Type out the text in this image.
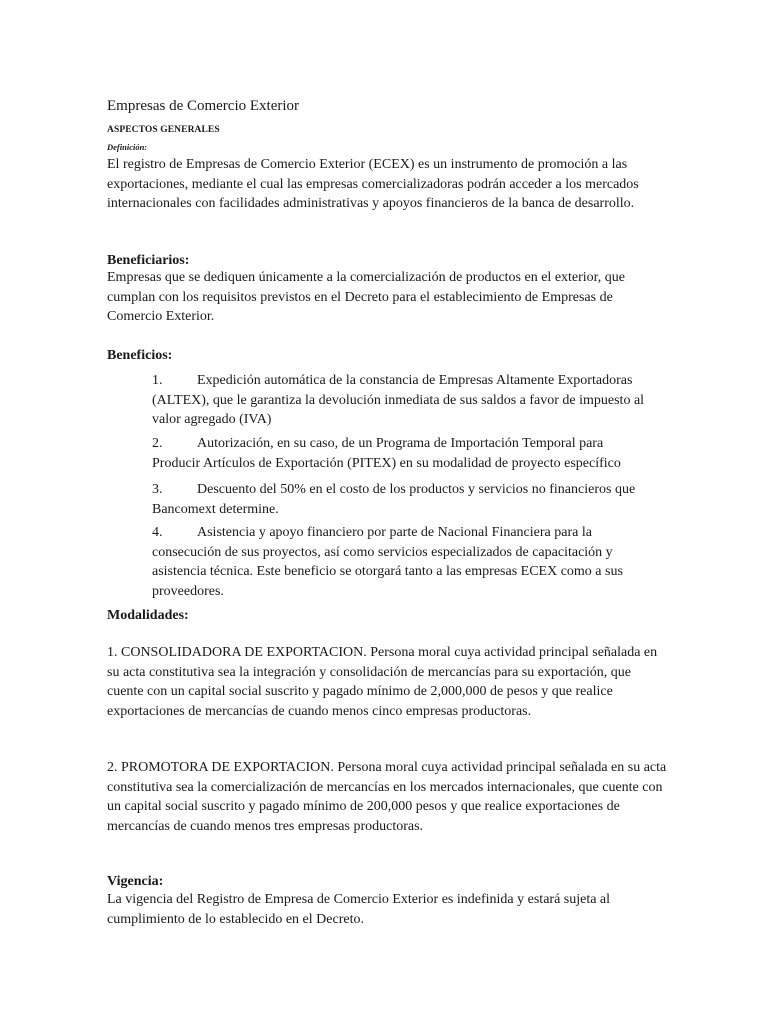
Empresas de Comercio Exterior
ASPECTOS GENERALES
Definición:
El registro de Empresas de Comercio Exterior (ECEX) es un instrumento de promoción a las exportaciones, mediante el cual las empresas comercializadoras podrán acceder a los mercados internacionales con facilidades administrativas y apoyos financieros de la banca de desarrollo.
Beneficiarios:
Empresas que se dediquen únicamente a la comercialización de productos en el exterior, que cumplan con los requisitos previstos en el Decreto para el establecimiento de Empresas de Comercio Exterior.
Beneficios:
1. Expedición automática de la constancia de Empresas Altamente Exportadoras (ALTEX), que le garantiza la devolución inmediata de sus saldos a favor de impuesto al valor agregado (IVA)
2. Autorización, en su caso, de un Programa de Importación Temporal para Producir Artículos de Exportación (PITEX) en su modalidad de proyecto específico
3. Descuento del 50% en el costo de los productos y servicios no financieros que Bancomext determine.
4. Asistencia y apoyo financiero por parte de Nacional Financiera para la consecución de sus proyectos, así como servicios especializados de capacitación y asistencia técnica. Este beneficio se otorgará tanto a las empresas ECEX como a sus proveedores.
Modalidades:
1. CONSOLIDADORA DE EXPORTACION. Persona moral cuya actividad principal señalada en su acta constitutiva sea la integración y consolidación de mercancías para su exportación, que cuente con un capital social suscrito y pagado mínimo de 2,000,000 de pesos y que realice exportaciones de mercancías de cuando menos cinco empresas productoras.
2. PROMOTORA DE EXPORTACION. Persona moral cuya actividad principal señalada en su acta constitutiva sea la comercialización de mercancías en los mercados internacionales, que cuente con un capital social suscrito y pagado mínimo de 200,000 pesos y que realice exportaciones de mercancías de cuando menos tres empresas productoras.
Vigencia:
La vigencia del Registro de Empresa de Comercio Exterior es indefinida y estará sujeta al cumplimiento de lo establecido en el Decreto.
